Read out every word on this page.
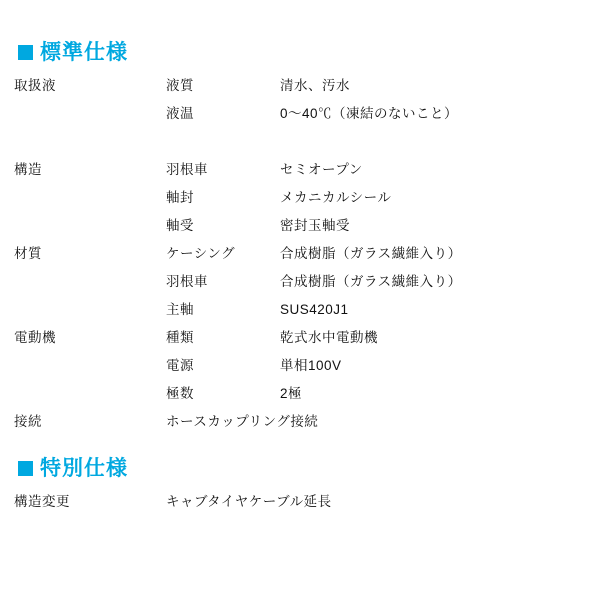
標準仕様
取扱液	液質	清水、汚水
	液温	0〜40℃（凍結のないこと）

構造	羽根車	セミオープン
	軸封	メカニカルシール
	軸受	密封玉軸受
材質	ケーシング	合成樹脂（ガラス繊維入り）
	羽根車	合成樹脂（ガラス繊維入り）
	主軸	SUS420J1
電動機	種類	乾式水中電動機
	電源	単相100V
	極数	2極
接続	ホースカップリング接続	
特別仕様
構造変更	キャブタイヤケーブル延長
